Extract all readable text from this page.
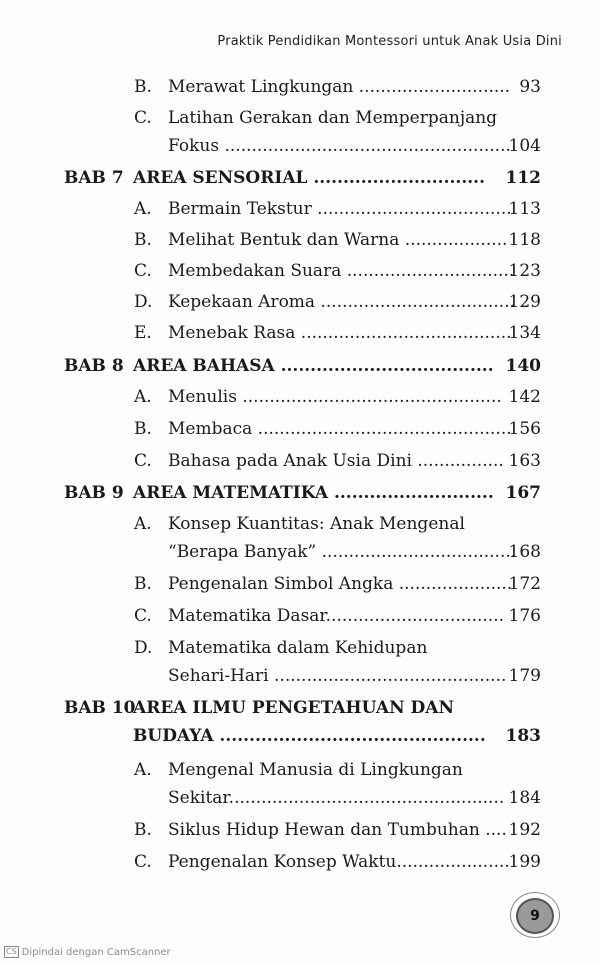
Praktik Pendidikan Montessori untuk Anak Usia Dini
B. Merawat Lingkungan ............................ 93
C. Latihan Gerakan dan Memperpanjang
Fokus .....................................................
104
BAB 7 AREA SENSORIAL ............................. 112
A. Bermain Tekstur ....................................
113
B. Melihat Bentuk dan Warna ................... 118
C. Membedakan Suara ...............................
123
D. Kepekaan Aroma ....................................
129
E. Menebak Rasa .......................................
134
BAB 8 AREA BAHASA .................................... 140
A. Menulis ................................................ 142
B. Membaca ...............................................
156
C. Bahasa pada Anak Usia Dini ................ 163
BAB 9 AREA MATEMATIKA ........................... 167
A. Konsep Kuantitas: Anak Mengenal
“Berapa Banyak” ....................................
168
B. Pengenalan Simbol Angka .....................
172
C. Matematika Dasar................................. 176
D. Matematika dalam Kehidupan
Sehari-Hari ........................................... 179
BAB 10
AREA ILMU PENGETAHUAN DAN
BUDAYA ............................................. 183
A. Mengenal Manusia di Lingkungan
Sekitar................................................... 184
B. Siklus Hidup Hewan dan Tumbuhan .... 192
C. Pengenalan Konsep Waktu.....................
199
9
CS Dipindai dengan CamScanner
